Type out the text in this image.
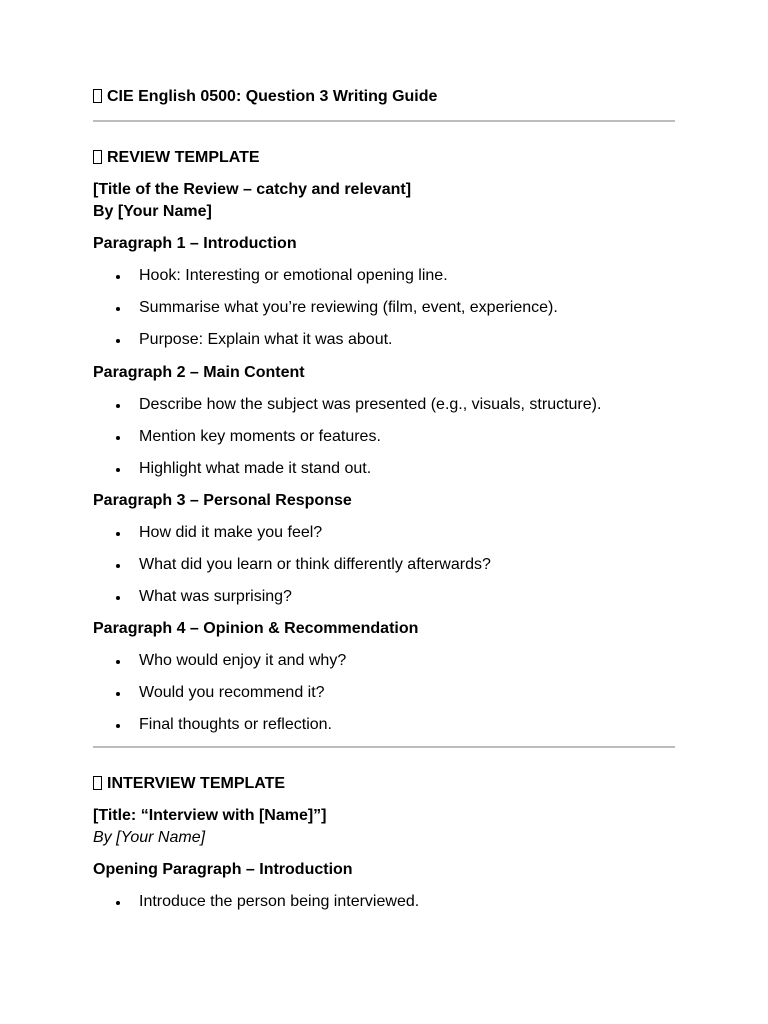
CIE English 0500: Question 3 Writing Guide
REVIEW TEMPLATE
[Title of the Review – catchy and relevant]
By [Your Name]
Paragraph 1 – Introduction
Hook: Interesting or emotional opening line.
Summarise what you’re reviewing (film, event, experience).
Purpose: Explain what it was about.
Paragraph 2 – Main Content
Describe how the subject was presented (e.g., visuals, structure).
Mention key moments or features.
Highlight what made it stand out.
Paragraph 3 – Personal Response
How did it make you feel?
What did you learn or think differently afterwards?
What was surprising?
Paragraph 4 – Opinion & Recommendation
Who would enjoy it and why?
Would you recommend it?
Final thoughts or reflection.
INTERVIEW TEMPLATE
[Title: “Interview with [Name]”]
By [Your Name]
Opening Paragraph – Introduction
Introduce the person being interviewed.
